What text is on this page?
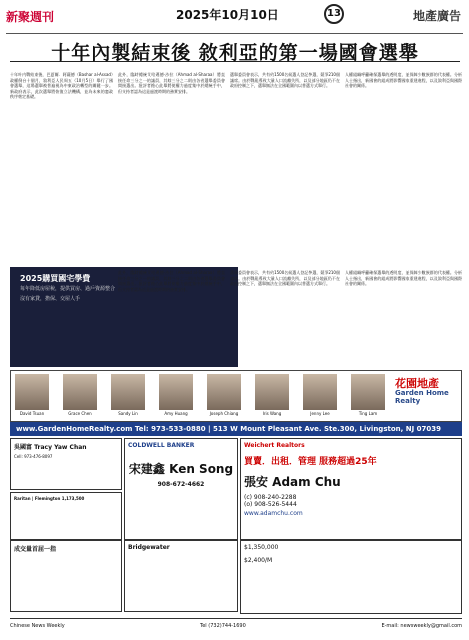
新聚週刊	2025年10月10日	13	地產廣告
十年內製結束後 敘利亞的第一場國會選舉
十年叶内戰結束後，巴夏爾．阿薩德（Bashar al-Assad）政權倒台十個月，敘利亞人民周五（10月5日）舉行了國會選舉，這場選舉被普遍視為中東政治轉型的關鍵一步。新政府表示，此次選舉將恢復立法機構，並為未來的憲政秩序奠定基礎。
此外，臨時總統艾哈邁德·沙拉（Ahmad al-Sharaa）將直接任命三分之一的議員，其餘三分之二則由各省選舉委員會間接選出。批評者擔心此舉將使權力過度集中於總統手中，但支持者認為這是過渡時期的務實安排。
選舉委員會表示，共有約1500名候選人登記參選，競爭210個議席。由於戰亂導致大量人口流離失所，以及部分地區仍不在政府控制之下，選舉無法在全國範圍內以普選方式舉行。
人權組織呼籲確保選舉的透明度，並保障少數族群的代表權。分析人士指出，新國會的組成將影響國家重建進程，以及敘利亞與國際社會的關係。
2025購買國宅學費
每年降低房屋稅，提供買房、過戶資源整合
沒有家貸，擔保、交屋人手
此外，臨時總統艾哈邁德·沙拉（Ahmad al-Sharaa）將直接任命三分之一的議員，其餘三分之二則由各省選舉委員會間接選出。批評者擔心此舉將使權力過度集中於總統手中，但支持者認為這是過渡時期的務實安排。
選舉委員會表示，共有約1500名候選人登記參選，競爭210個議席。由於戰亂導致大量人口流離失所，以及部分地區仍不在政府控制之下，選舉無法在全國範圍內以普選方式舉行。
人權組織呼籲確保選舉的透明度，並保障少數族群的代表權。分析人士指出，新國會的組成將影響國家重建進程，以及敘利亞與國際社會的關係。
David Tsuan	Grace Chen	Sandy Lin	Amy Huang	Joseph Chiang	Iris Wang	Jenny Lee	Ting Lam
花園地產
Garden Home Realty
www.GardenHomeRealty.com Tel: 973-533-0880 | 513 W Mount Pleasant Ave. Ste.300, Livingston, NJ 07039
吳國富 Tracy Yaw Chan
Cell: 973-476-8097
COLDWELL BANKER
宋建鑫 Ken Song
908-672-4662
Weichert Realtors
買賣．出租．管理 服務超過25年
張安 Adam Chu
(c) 908-240-2288
(o) 908-526-5444
www.adamchu.com
Raritan | Flemington 1,173,500
成交量首屈一指	Bridgewater	$1,350,000
$2,400/M
Chinese News Weekly	Tel (732)744-1690	E-mail: newsweekly@gmail.com
